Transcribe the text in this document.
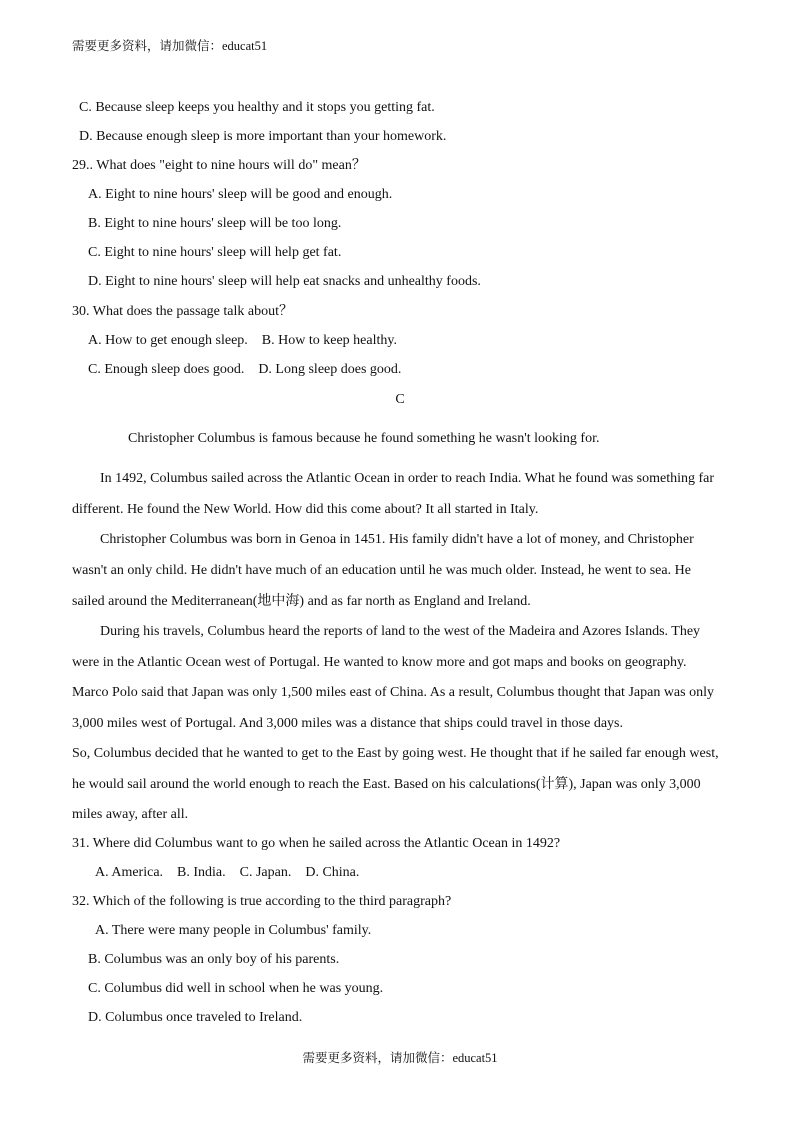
需要更多资料，请加微信：educat51
C. Because sleep keeps you healthy and it stops you getting fat.
D. Because enough sleep is more important than your homework.
29.. What does "eight to nine hours will do" mean？
A. Eight to nine hours' sleep will be good and enough.
B. Eight to nine hours' sleep will be too long.
C. Eight to nine hours' sleep will help get fat.
D. Eight to nine hours' sleep will help eat snacks and unhealthy foods.
30. What does the passage talk about？
A. How to get enough sleep.    B. How to keep healthy.
C. Enough sleep does good.    D. Long sleep does good.
C
Christopher Columbus is famous because he found something he wasn't looking for.
In 1492, Columbus sailed across the Atlantic Ocean in order to reach India. What he found was something far
different. He found the New World. How did this come about? It all started in Italy.
Christopher Columbus was born in Genoa in 1451. His family didn't have a lot of money, and Christopher
wasn't an only child. He didn't have much of an education until he was much older. Instead, he went to sea. He
sailed around the Mediterranean(地中海) and as far north as England and Ireland.
During his travels, Columbus heard the reports of land to the west of the Madeira and Azores Islands. They
were in the Atlantic Ocean west of Portugal. He wanted to know more and got maps and books on geography.
Marco Polo said that Japan was only 1,500 miles east of China. As a result, Columbus thought that Japan was only
3,000 miles west of Portugal. And 3,000 miles was a distance that ships could travel in those days.
So, Columbus decided that he wanted to get to the East by going west. He thought that if he sailed far enough west,
he would sail around the world enough to reach the East. Based on his calculations(计算), Japan was only 3,000
miles away, after all.
31. Where did Columbus want to go when he sailed across the Atlantic Ocean in 1492?
A. America.    B. India.    C. Japan.    D. China.
32. Which of the following is true according to the third paragraph?
A. There were many people in Columbus' family.
B. Columbus was an only boy of his parents.
C. Columbus did well in school when he was young.
D. Columbus once traveled to Ireland.
需要更多资料，请加微信：educat51
